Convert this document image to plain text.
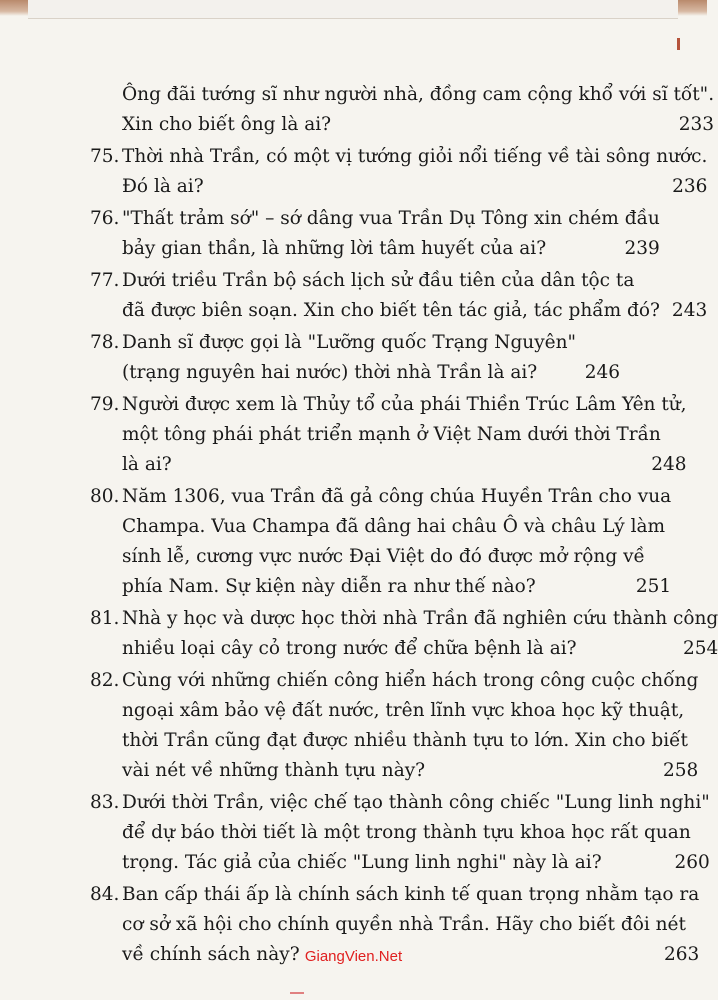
Ông đãi tướng sĩ như người nhà, đồng cam cộng khổ với sĩ tốt".
Xin cho biết ông là ai?	233
75. Thời nhà Trần, có một vị tướng giỏi nổi tiếng về tài sông nước.
Đó là ai?	236
76. "Thất trảm sớ" – sớ dâng vua Trần Dụ Tông xin chém đầu
bảy gian thần, là những lời tâm huyết của ai?	239
77. Dưới triều Trần bộ sách lịch sử đầu tiên của dân tộc ta
đã được biên soạn. Xin cho biết tên tác giả, tác phẩm đó? 243
78. Danh sĩ được gọi là "Lưỡng quốc Trạng Nguyên"
(trạng nguyên hai nước) thời nhà Trần là ai?	246
79. Người được xem là Thủy tổ của phái Thiền Trúc Lâm Yên tử,
một tông phái phát triển mạnh ở Việt Nam dưới thời Trần
là ai?	248
80. Năm 1306, vua Trần đã gả công chúa Huyền Trân cho vua
Champa. Vua Champa đã dâng hai châu Ô và châu Lý làm
sính lễ, cương vực nước Đại Việt do đó được mở rộng về
phía Nam. Sự kiện này diễn ra như thế nào?	251
81. Nhà y học và dược học thời nhà Trần đã nghiên cứu thành công
nhiều loại cây cỏ trong nước để chữa bệnh là ai?	254
82. Cùng với những chiến công hiển hách trong công cuộc chống
ngoại xâm bảo vệ đất nước, trên lĩnh vực khoa học kỹ thuật,
thời Trần cũng đạt được nhiều thành tựu to lớn. Xin cho biết
vài nét về những thành tựu này?	258
83. Dưới thời Trần, việc chế tạo thành công chiếc "Lung linh nghi"
để dự báo thời tiết là một trong thành tựu khoa học rất quan
trọng. Tác giả của chiếc "Lung linh nghi" này là ai?	260
84. Ban cấp thái ấp là chính sách kinh tế quan trọng nhằm tạo ra
cơ sở xã hội cho chính quyền nhà Trần. Hãy cho biết đôi nét
về chính sách này?	263
GiangVien.Net
